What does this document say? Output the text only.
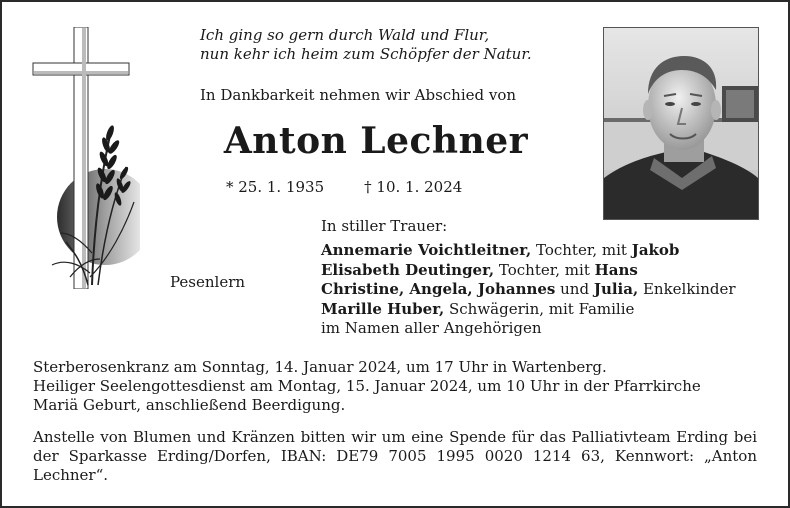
Ich ging so gern durch Wald und Flur,
nun kehr ich heim zum Schöpfer der Natur.
In Dankbarkeit nehmen wir Abschied von
Anton Lechner
* 25. 1. 1935	† 10. 1. 2024
In stiller Trauer:
Pesenlern
Annemarie Voichtleitner, Tochter, mit Jakob
Elisabeth Deutinger, Tochter, mit Hans
Christine, Angela, Johannes und Julia, Enkelkinder
Marille Huber, Schwägerin, mit Familie
im Namen aller Angehörigen
Sterberosenkranz am Sonntag, 14. Januar 2024, um 17 Uhr in Wartenberg.
Heiliger Seelengottesdienst am Montag, 15. Januar 2024, um 10 Uhr in der Pfarrkirche
Mariä Geburt, anschließend Beerdigung.
Anstelle von Blumen und Kränzen bitten wir um eine Spende für das Palliativteam Erding bei der Sparkasse Erding/Dorfen, IBAN: DE79 7005 1995 0020 1214 63, Kennwort: „Anton Lechner“.
